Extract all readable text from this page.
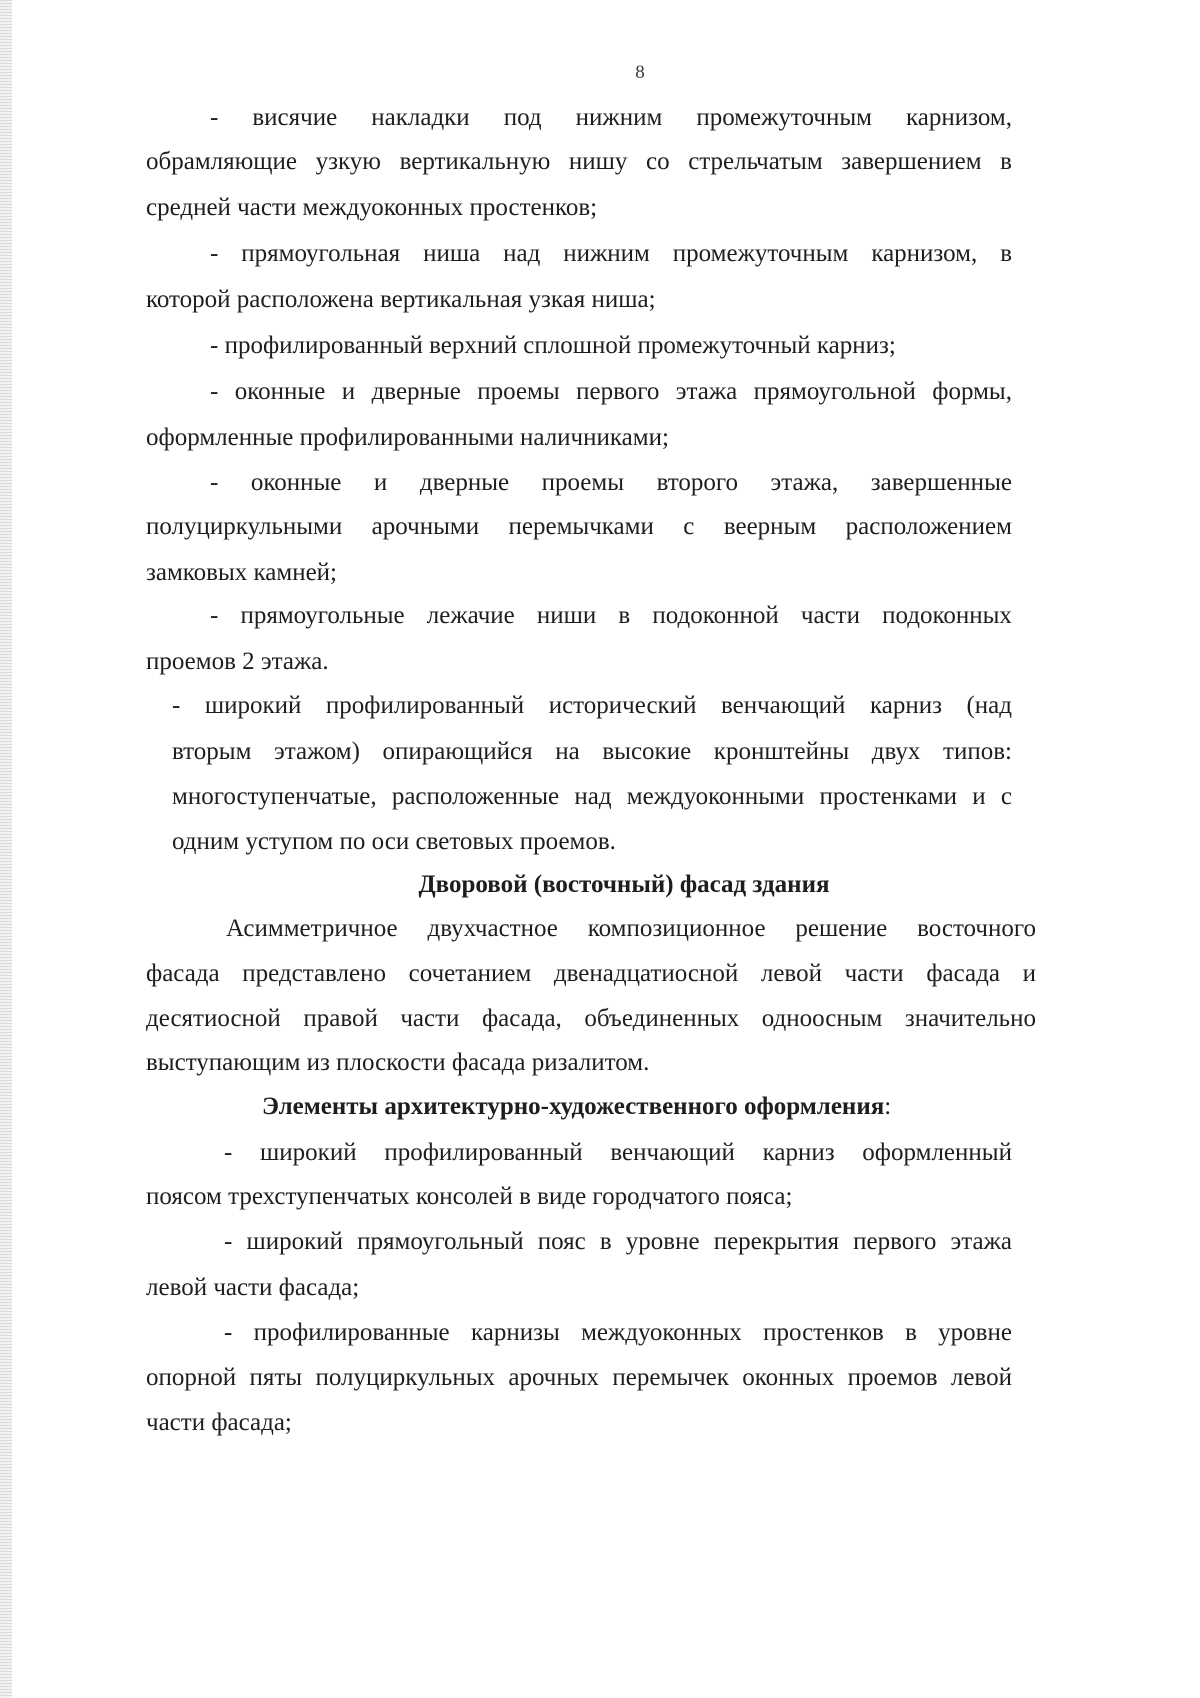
8
- висячие накладки под нижним промежуточным карнизом,
обрамляющие узкую вертикальную нишу со стрельчатым завершением в
средней части междуоконных простенков;
- прямоугольная ниша над нижним промежуточным карнизом, в
которой расположена вертикальная узкая ниша;
- профилированный верхний сплошной промежуточный карниз;
- оконные и дверные проемы первого этажа прямоугольной формы,
оформленные профилированными наличниками;
- оконные и дверные проемы второго этажа, завершенные
полуциркульными арочными перемычками с веерным расположением
замковых камней;
- прямоугольные лежачие ниши в подоконной части подоконных
проемов 2 этажа.
- широкий профилированный исторический венчающий карниз (над
вторым этажом) опирающийся на высокие кронштейны двух типов:
многоступенчатые, расположенные над междуоконными простенками и с
одним уступом по оси световых проемов.
Дворовой (восточный) фасад здания
Асимметричное двухчастное композиционное решение восточного
фасада представлено сочетанием двенадцатиосной левой части фасада и
десятиосной правой части фасада, объединенных одноосным значительно
выступающим из плоскости фасада ризалитом.
Элементы архитектурно-художественного оформления:
- широкий профилированный венчающий карниз оформленный
поясом трехступенчатых консолей в виде городчатого пояса;
- широкий прямоугольный пояс в уровне перекрытия первого этажа
левой части фасада;
- профилированные карнизы междуоконных простенков в уровне
опорной пяты полуциркульных арочных перемычек оконных проемов левой
части фасада;
